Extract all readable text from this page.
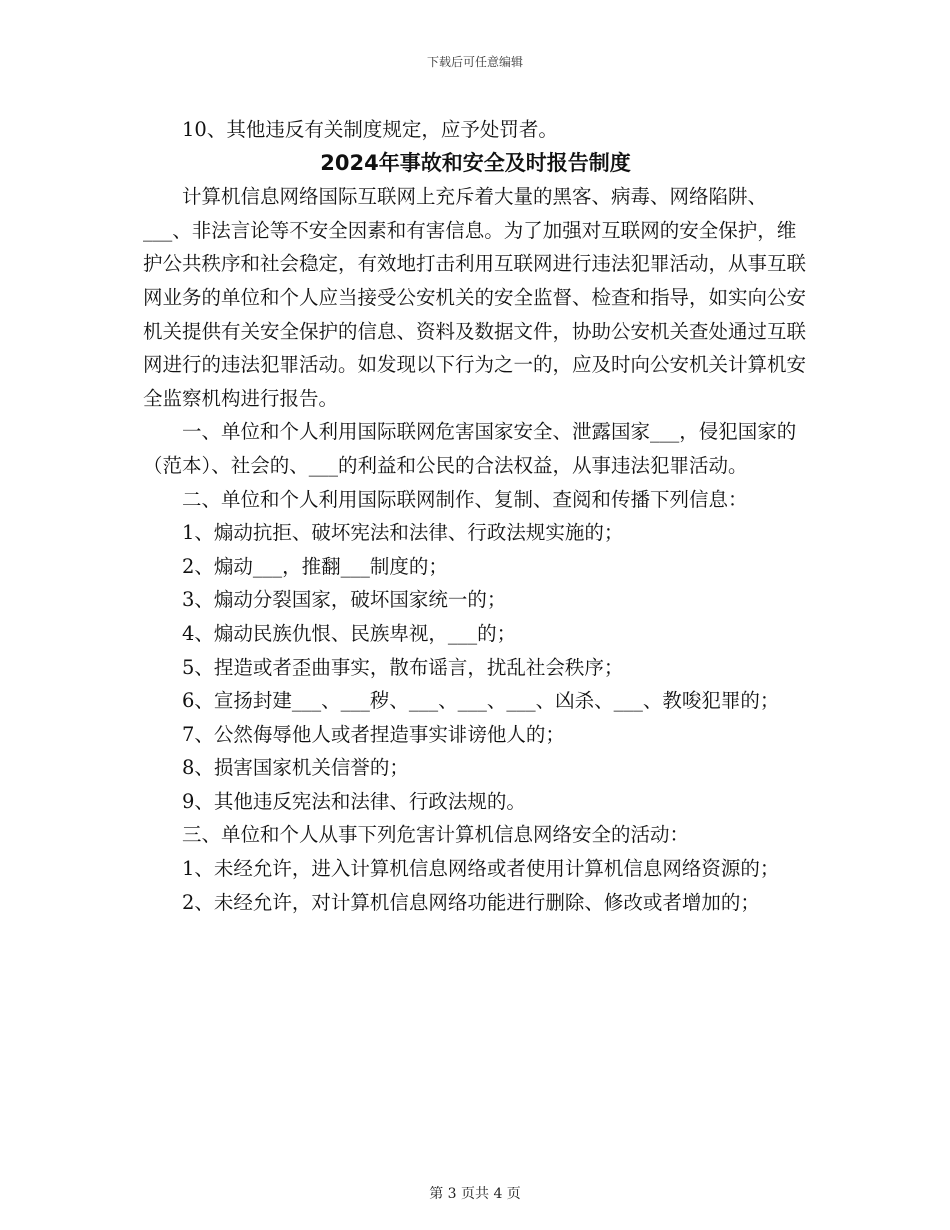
下载后可任意编辑

10、其他违反有关制度规定，应予处罚者。

2024年事故和安全及时报告制度

计算机信息网络国际互联网上充斥着大量的黑客、病毒、网络陷阱、___、非法言论等不安全因素和有害信息。为了加强对互联网的安全保护，维护公共秩序和社会稳定，有效地打击利用互联网进行违法犯罪活动，从事互联网业务的单位和个人应当接受公安机关的安全监督、检查和指导，如实向公安机关提供有关安全保护的信息、资料及数据文件，协助公安机关查处通过互联网进行的违法犯罪活动。如发现以下行为之一的，应及时向公安机关计算机安全监察机构进行报告。

一、单位和个人利用国际联网危害国家安全、泄露国家___，侵犯国家的（范本）、社会的、___的利益和公民的合法权益，从事违法犯罪活动。

二、单位和个人利用国际联网制作、复制、查阅和传播下列信息：

1、煽动抗拒、破坏宪法和法律、行政法规实施的；

2、煽动___，推翻___制度的；

3、煽动分裂国家，破坏国家统一的；

4、煽动民族仇恨、民族卑视，___的；

5、捏造或者歪曲事实，散布谣言，扰乱社会秩序；

6、宣扬封建___、___秽、___、___、___、凶杀、___、教唆犯罪的；

7、公然侮辱他人或者捏造事实诽谤他人的；

8、损害国家机关信誉的；

9、其他违反宪法和法律、行政法规的。

三、单位和个人从事下列危害计算机信息网络安全的活动：

1、未经允许，进入计算机信息网络或者使用计算机信息网络资源的；

2、未经允许，对计算机信息网络功能进行删除、修改或者增加的；

第 3 页共 4 页
